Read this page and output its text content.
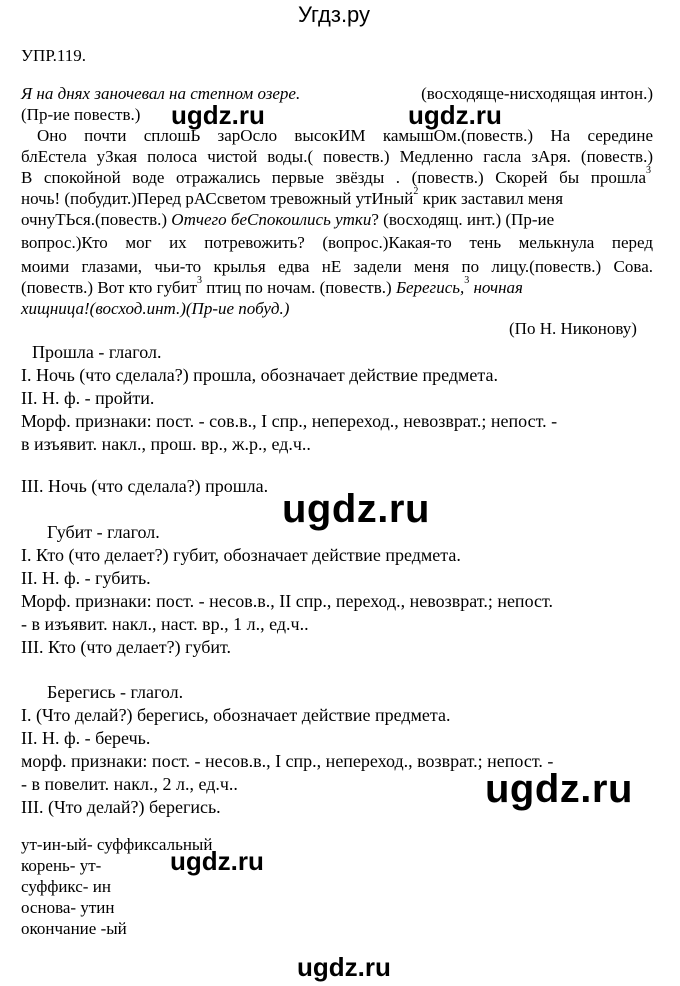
Угдз.ру
УПР.119.
Я на днях заночевал на степном озере.	(восходяще-нисходящая интон.)
(Пр-ие повеств.)
Оно почти сплошЬ зарОсло высокИМ камышОм.(повеств.) На середине
блЕстела уЗкая полоса чистой воды.( повеств.) Медленно гасла зАря. (повеств.)
В спокойной воде отражались первые звёзды . (повеств.) Скорей бы прошла$^3$
ночь! (побудит.)Перед рАСсветом тревожный утИный$^2$ крик заставил меня
очнуТЬся.(повеств.) Отчего беСпокоились утки? (восходящ. инт.) (Пр-ие
вопрос.)Кто мог их потревожить? (вопрос.)Какая-то тень мелькнула перед
моими глазами, чьи-то крылья едва нЕ задели меня по лицу.(повеств.) Сова.
(повеств.) Вот кто губит$^3$ птиц по ночам. (повеств.) Берегись,$^3$ ночная
хищница!(восход.инт.)(Пр-ие побуд.)
(По Н. Никонову)
Прошла - глагол.
I. Ночь (что сделала?) прошла, обозначает действие предмета.
II. Н. ф. - пройти.
Морф. признаки: пост. - сов.в., I спр., непереход., невозврат.; непост. -
в изъявит. накл., прош. вр., ж.р., ед.ч..
III. Ночь (что сделала?) прошла.
Губит - глагол.
I. Кто (что делает?) губит, обозначает действие предмета.
II. Н. ф. - губить.
Морф. признаки: пост. - несов.в., II спр., переход., невозврат.; непост.
- в изъявит. накл., наст. вр., 1 л., ед.ч..
III. Кто (что делает?) губит.
Берегись - глагол.
I. (Что делай?) берегись, обозначает действие предмета.
II. Н. ф. - беречь.
морф. признаки: пост. - несов.в., I спр., непереход., возврат.; непост. -
- в повелит. накл., 2 л., ед.ч..
III. (Что делай?) берегись.
ут-ин-ый- суффиксальный
корень- ут-
суффикс- ин
основа- утин
окончание -ый
ugdz.ru	ugdz.ru
ugdz.ru
ugdz.ru
ugdz.ru
ugdz.ru
